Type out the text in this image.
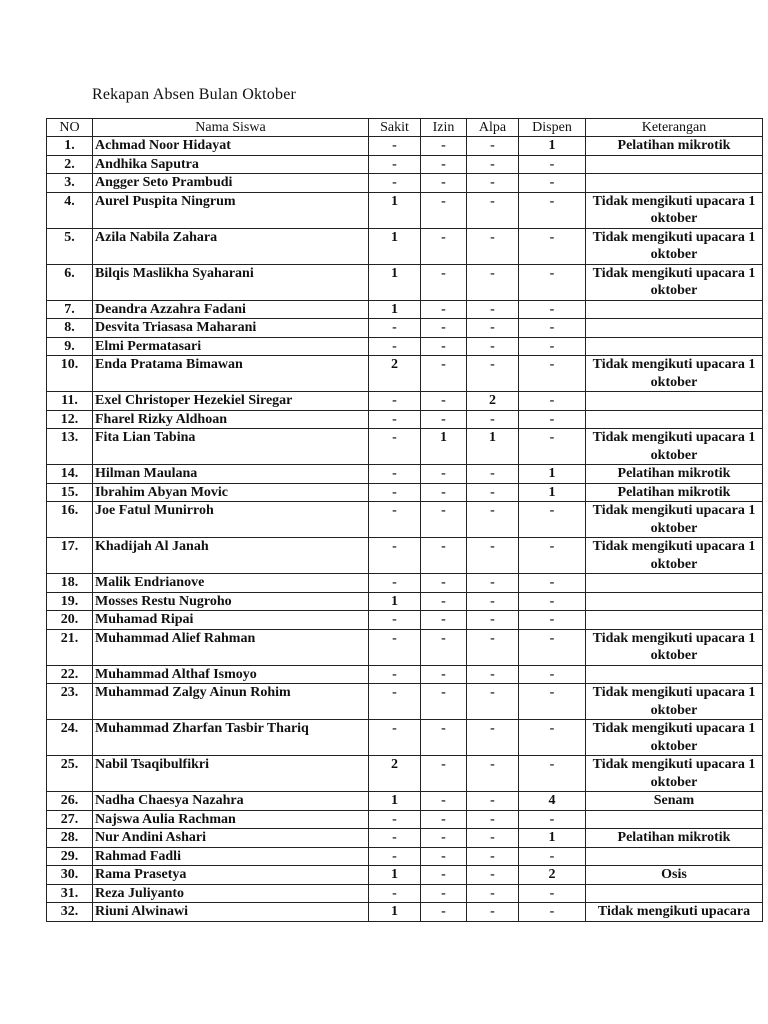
Rekapan Absen Bulan Oktober
NO	Nama Siswa	Sakit	Izin	Alpa	Dispen	Keterangan
1.	Achmad Noor Hidayat	-	-	-	1	Pelatihan mikrotik
2.	Andhika Saputra	-	-	-	-	
3.	Angger Seto Prambudi	-	-	-	-	
4.	Aurel Puspita Ningrum	1	-	-	-	Tidak mengikuti upacara 1 oktober
5.	Azila Nabila Zahara	1	-	-	-	Tidak mengikuti upacara 1 oktober
6.	Bilqis Maslikha Syaharani	1	-	-	-	Tidak mengikuti upacara 1 oktober
7.	Deandra Azzahra Fadani	1	-	-	-	
8.	Desvita Triasasa Maharani	-	-	-	-	
9.	Elmi Permatasari	-	-	-	-	
10.	Enda Pratama Bimawan	2	-	-	-	Tidak mengikuti upacara 1 oktober
11.	Exel Christoper Hezekiel Siregar	-	-	2	-	
12.	Fharel Rizky Aldhoan	-	-	-	-	
13.	Fita Lian Tabina	-	1	1	-	Tidak mengikuti upacara 1 oktober
14.	Hilman Maulana	-	-	-	1	Pelatihan mikrotik
15.	Ibrahim Abyan Movic	-	-	-	1	Pelatihan mikrotik
16.	Joe Fatul Munirroh	-	-	-	-	Tidak mengikuti upacara 1 oktober
17.	Khadijah Al Janah	-	-	-	-	Tidak mengikuti upacara 1 oktober
18.	Malik Endrianove	-	-	-	-	
19.	Mosses Restu Nugroho	1	-	-	-	
20.	Muhamad Ripai	-	-	-	-	
21.	Muhammad Alief Rahman	-	-	-	-	Tidak mengikuti upacara 1 oktober
22.	Muhammad Althaf Ismoyo	-	-	-	-	
23.	Muhammad Zalgy Ainun Rohim	-	-	-	-	Tidak mengikuti upacara 1 oktober
24.	Muhammad Zharfan Tasbir Thariq	-	-	-	-	Tidak mengikuti upacara 1 oktober
25.	Nabil Tsaqibulfikri	2	-	-	-	Tidak mengikuti upacara 1 oktober
26.	Nadha Chaesya Nazahra	1	-	-	4	Senam
27.	Najswa Aulia Rachman	-	-	-	-	
28.	Nur Andini Ashari	-	-	-	1	Pelatihan mikrotik
29.	Rahmad Fadli	-	-	-	-	
30.	Rama Prasetya	1	-	-	2	Osis
31.	Reza Juliyanto	-	-	-	-	
32.	Riuni Alwinawi	1	-	-	-	Tidak mengikuti upacara
